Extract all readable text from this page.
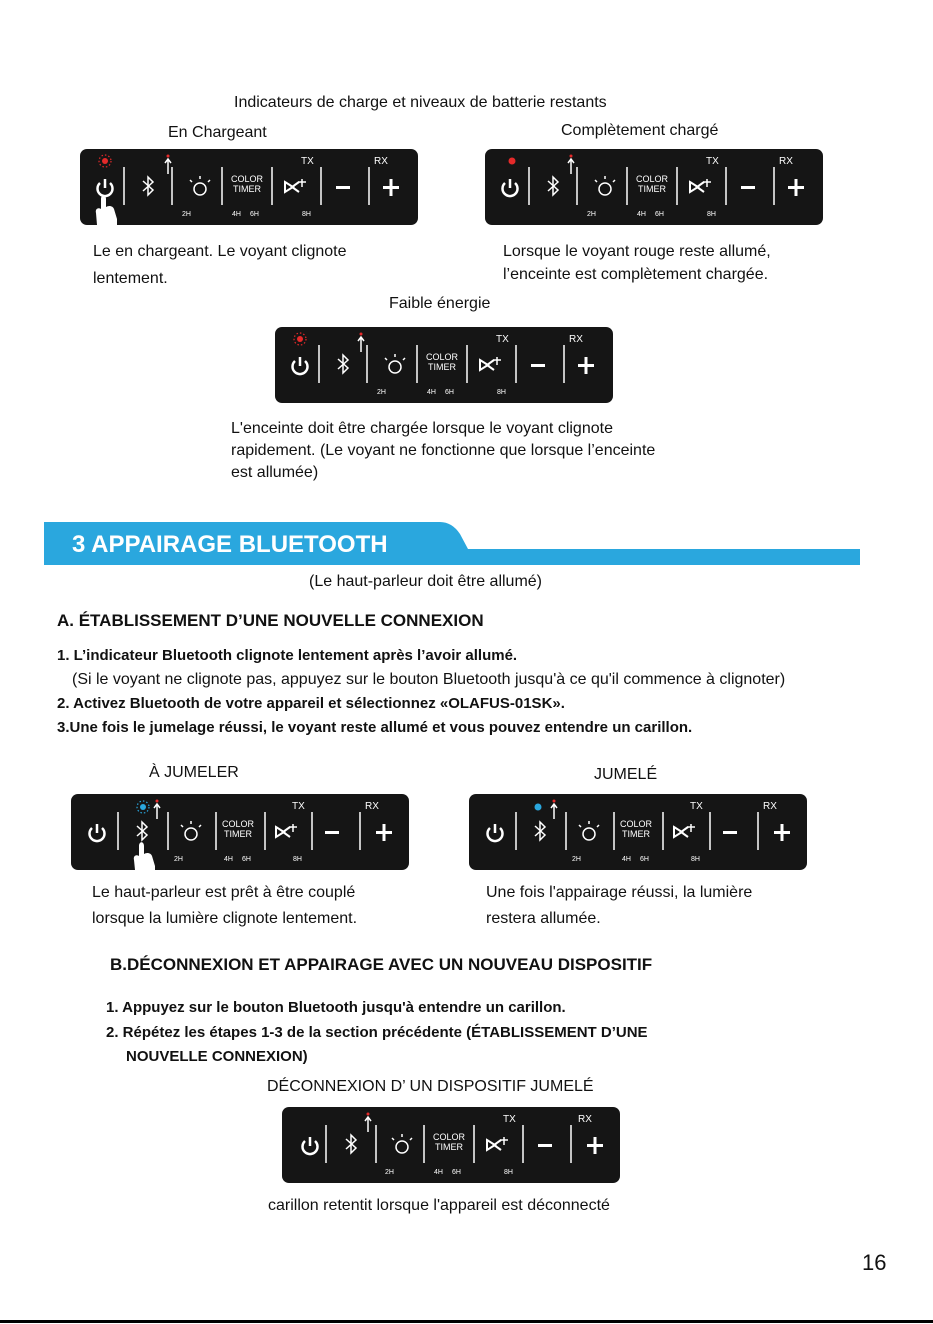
Indicateurs de charge et niveaux de batterie restants
En Chargeant	Complètement chargé
TX	RX
COLOR
TIMER
2H	4H 6H	8H
TX	RX
COLOR
TIMER
2H	4H 6H	8H
Le en chargeant. Le voyant clignote
lentement.
Lorsque le voyant rouge reste allumé,
l’enceinte est complètement chargée.
Faible énergie
TX	RX
COLOR
TIMER
2H	4H 6H	8H
L'enceinte doit être chargée lorsque le voyant clignote
rapidement. (Le voyant ne fonctionne que lorsque l’enceinte
est allumée)
3 APPAIRAGE BLUETOOTH
(Le haut-parleur doit être allumé)
A. ÉTABLISSEMENT D’UNE NOUVELLE CONNEXION
1. L’indicateur Bluetooth clignote lentement après l’avoir allumé.
(Si le voyant ne clignote pas, appuyez sur le bouton Bluetooth jusqu'à ce qu'il commence à clignoter)
2. Activez Bluetooth de votre appareil et sélectionnez «OLAFUS-01SK».
3.Une fois le jumelage réussi, le voyant reste allumé et vous pouvez entendre un carillon.
À JUMELER	JUMELÉ
TX	RX
COLOR
TIMER
2H	4H 6H	8H
TX	RX
COLOR
TIMER
2H	4H 6H	8H
Le haut-parleur est prêt à être couplé
lorsque la lumière clignote lentement.
Une fois l'appairage réussi, la lumière
restera allumée.
B.DÉCONNEXION ET APPAIRAGE AVEC UN NOUVEAU DISPOSITIF
1. Appuyez sur le bouton Bluetooth jusqu'à entendre un carillon.
2. Répétez les étapes 1-3 de la section précédente (ÉTABLISSEMENT D’UNE
NOUVELLE CONNEXION)
DÉCONNEXION D’ UN DISPOSITIF JUMELÉ
TX	RX
COLOR
TIMER
2H	4H 6H	8H
carillon retentit lorsque l'appareil est déconnecté
16
